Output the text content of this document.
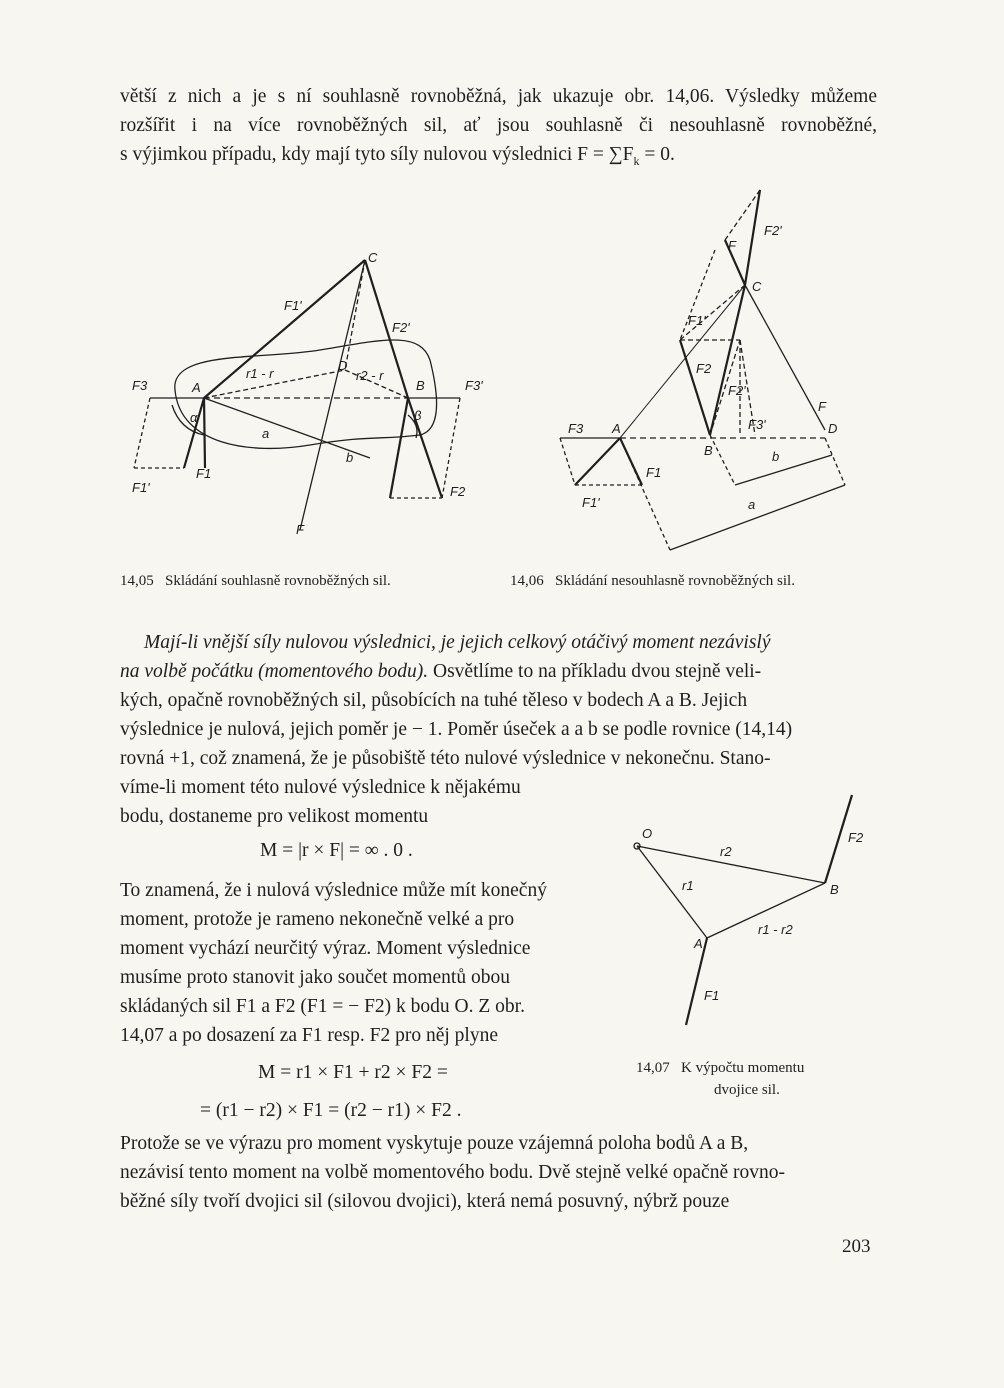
větší z nich a je s ní souhlasně rovnoběžná, jak ukazuje obr. 14,06. Výsledky můžeme
rozšířit i na více rovnoběžných sil, ať jsou souhlasně či nesouhlasně rovnoběžné,
s výjimkou případu, kdy mají tyto síly nulovou výslednici $F = \sum F_k = 0$.
C
A	B
D
a
b
α	β
F1'
F2'
F3	F3'
r1 - r	r2 - r
F1
F1'	F2
F
F
F2'
C
F1'
F2
F2'
F3'
F3 A
B	b
D
F
F1
F1'	a
14,05 Skládání souhlasně rovnoběžných sil.	14,06 Skládání nesouhlasně rovnoběžných sil.
Mají-li vnější síly nulovou výslednici, je jejich celkový otáčivý moment nezávislý
na volbě počátku (momentového bodu). Osvětlíme to na příkladu dvou stejně veli-
kých, opačně rovnoběžných sil, působících na tuhé těleso v bodech A a B. Jejich
výslednice je nulová, jejich poměr je − 1. Poměr úseček a a b se podle rovnice (14,14)
rovná +1, což znamená, že je působiště této nulové výslednice v nekonečnu. Stano-
víme-li moment této nulové výslednice k nějakému
bodu, dostaneme pro velikost momentu
M = |r × F| = ∞ . 0 .
To znamená, že i nulová výslednice může mít konečný
moment, protože je rameno nekonečně velké a pro
moment vychází neurčitý výraz. Moment výslednice
musíme proto stanovit jako součet momentů obou
skládaných sil F1 a F2 (F1 = − F2) k bodu O. Z obr.
14,07 a po dosazení za F1 resp. F2 pro něj plyne
M = r1 × F1 + r2 × F2 =
= (r1 − r2) × F1 = (r2 − r1) × F2 .
O
r2
F2
r1	B
A
r1 - r2
F1
14,07 K výpočtu momentu
dvojice sil.
Protože se ve výrazu pro moment vyskytuje pouze vzájemná poloha bodů A a B,
nezávisí tento moment na volbě momentového bodu. Dvě stejně velké opačně rovno-
běžné síly tvoří dvojici sil (silovou dvojici), která nemá posuvný, nýbrž pouze
203
